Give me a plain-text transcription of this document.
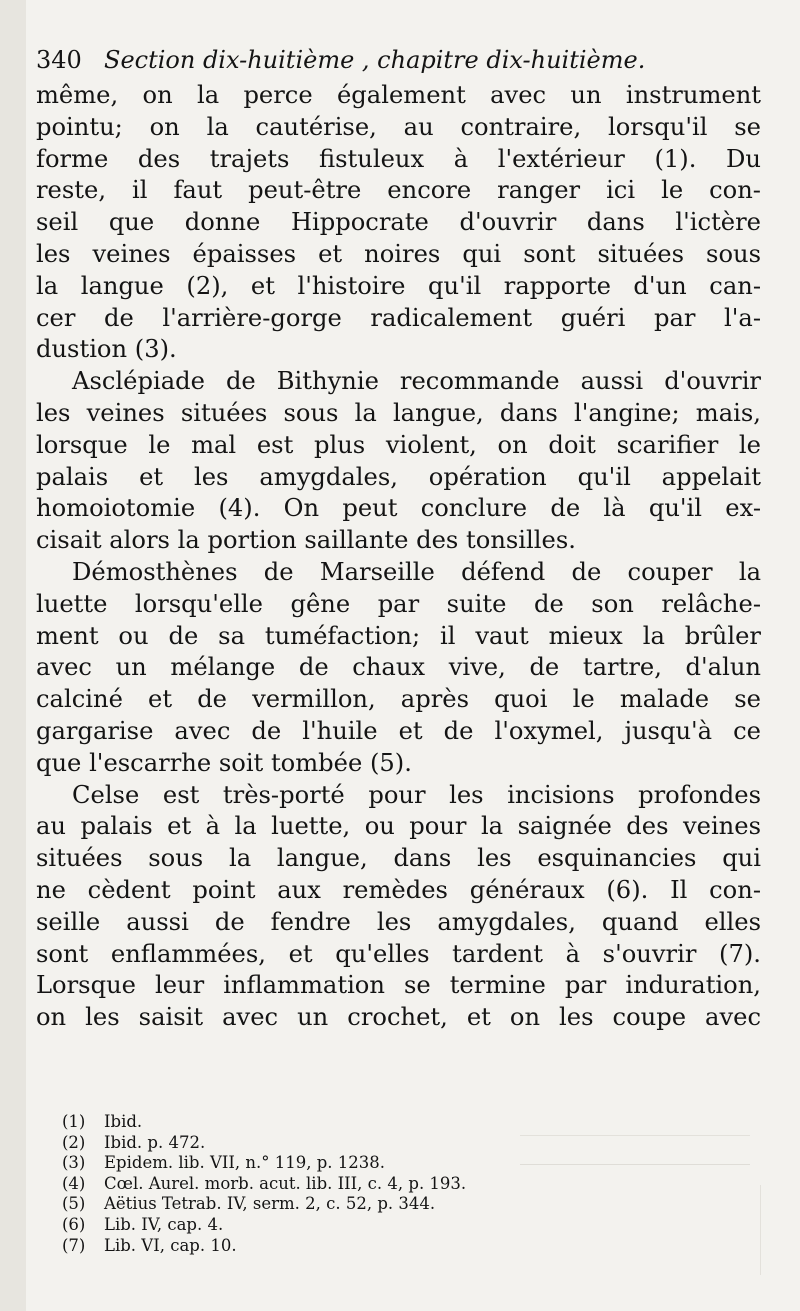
340 Section dix-huitième , chapitre dix-huitième.
même, on la perce également avec un instrument
pointu; on la cautérise, au contraire, lorsqu'il se
forme des trajets fistuleux à l'extérieur (1). Du
reste, il faut peut-être encore ranger ici le con-
seil que donne Hippocrate d'ouvrir dans l'ictère
les veines épaisses et noires qui sont situées sous
la langue (2), et l'histoire qu'il rapporte d'un can-
cer de l'arrière-gorge radicalement guéri par l'a-
dustion (3).
Asclépiade de Bithynie recommande aussi d'ouvrir
les veines situées sous la langue, dans l'angine; mais,
lorsque le mal est plus violent, on doit scarifier le
palais et les amygdales, opération qu'il appelait
homoiotomie (4). On peut conclure de là qu'il ex-
cisait alors la portion saillante des tonsilles.
Démosthènes de Marseille défend de couper la
luette lorsqu'elle gêne par suite de son relâche-
ment ou de sa tuméfaction; il vaut mieux la brûler
avec un mélange de chaux vive, de tartre, d'alun
calciné et de vermillon, après quoi le malade se
gargarise avec de l'huile et de l'oxymel, jusqu'à ce
que l'escarrhe soit tombée (5).
Celse est très-porté pour les incisions profondes
au palais et à la luette, ou pour la saignée des veines
situées sous la langue, dans les esquinancies qui
ne cèdent point aux remèdes généraux (6). Il con-
seille aussi de fendre les amygdales, quand elles
sont enflammées, et qu'elles tardent à s'ouvrir (7).
Lorsque leur inflammation se termine par induration,
on les saisit avec un crochet, et on les coupe avec
(1) Ibid.
(2) Ibid. p. 472.
(3) Epidem. lib. VII, n.° 119, p. 1238.
(4) Cœl. Aurel. morb. acut. lib. III, c. 4, p. 193.
(5) Aëtius Tetrab. IV, serm. 2, c. 52, p. 344.
(6) Lib. IV, cap. 4.
(7) Lib. VI, cap. 10.
